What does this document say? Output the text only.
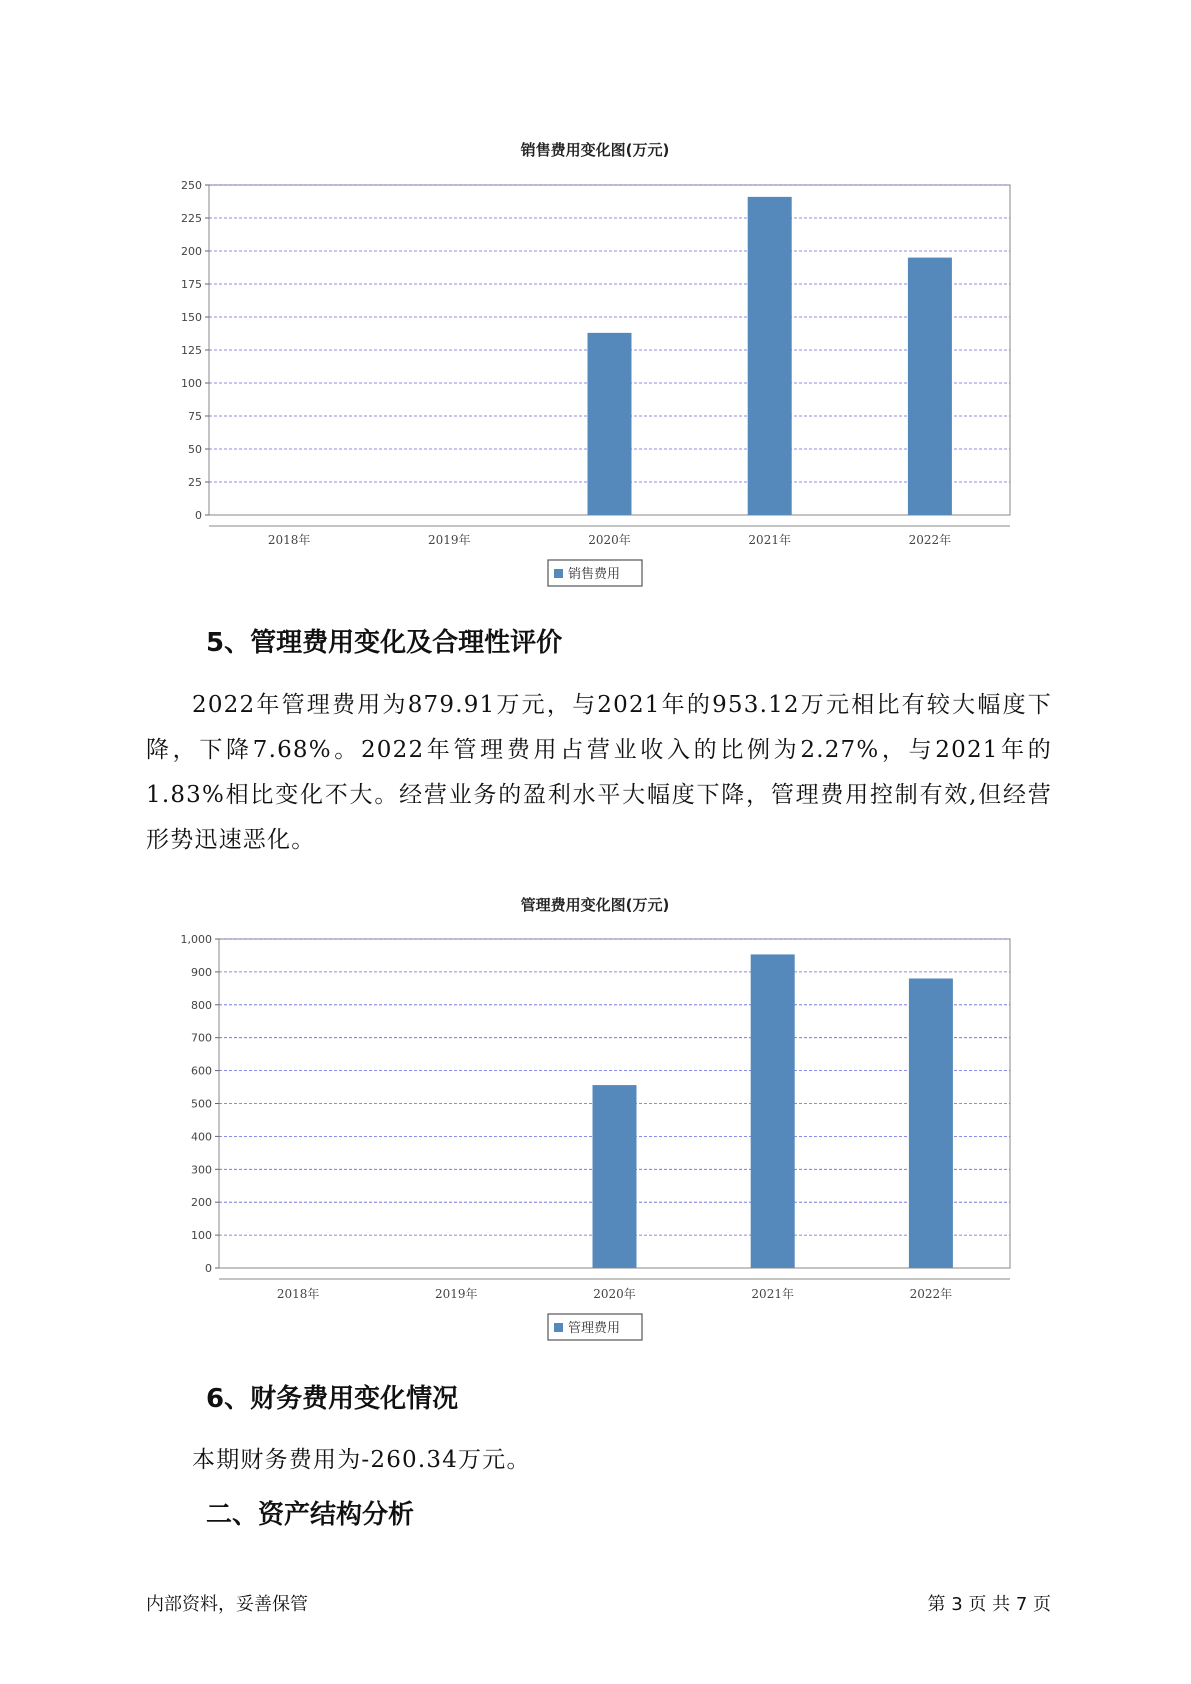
销售费用变化图(万元)
0
25
50
75
100
125
150
175
200
225
250
2018年	2019年	2020年	2021年	2022年
销售费用
5、管理费用变化及合理性评价

2022年管理费用为879.91万元，与2021年的953.12万元相比有较大幅度下降，下降7.68%。2022年管理费用占营业收入的比例为2.27%，与2021年的1.83%相比变化不大。经营业务的盈利水平大幅度下降，管理费用控制有效,但经营形势迅速恶化。

管理费用变化图(万元)
0
100
200
300
400
500
600
700
800
900
1,000
2018年	2019年	2020年	2021年	2022年
管理费用
6、财务费用变化情况

本期财务费用为-260.34万元。

二、资产结构分析
内部资料，妥善保管	第 3 页 共 7 页
